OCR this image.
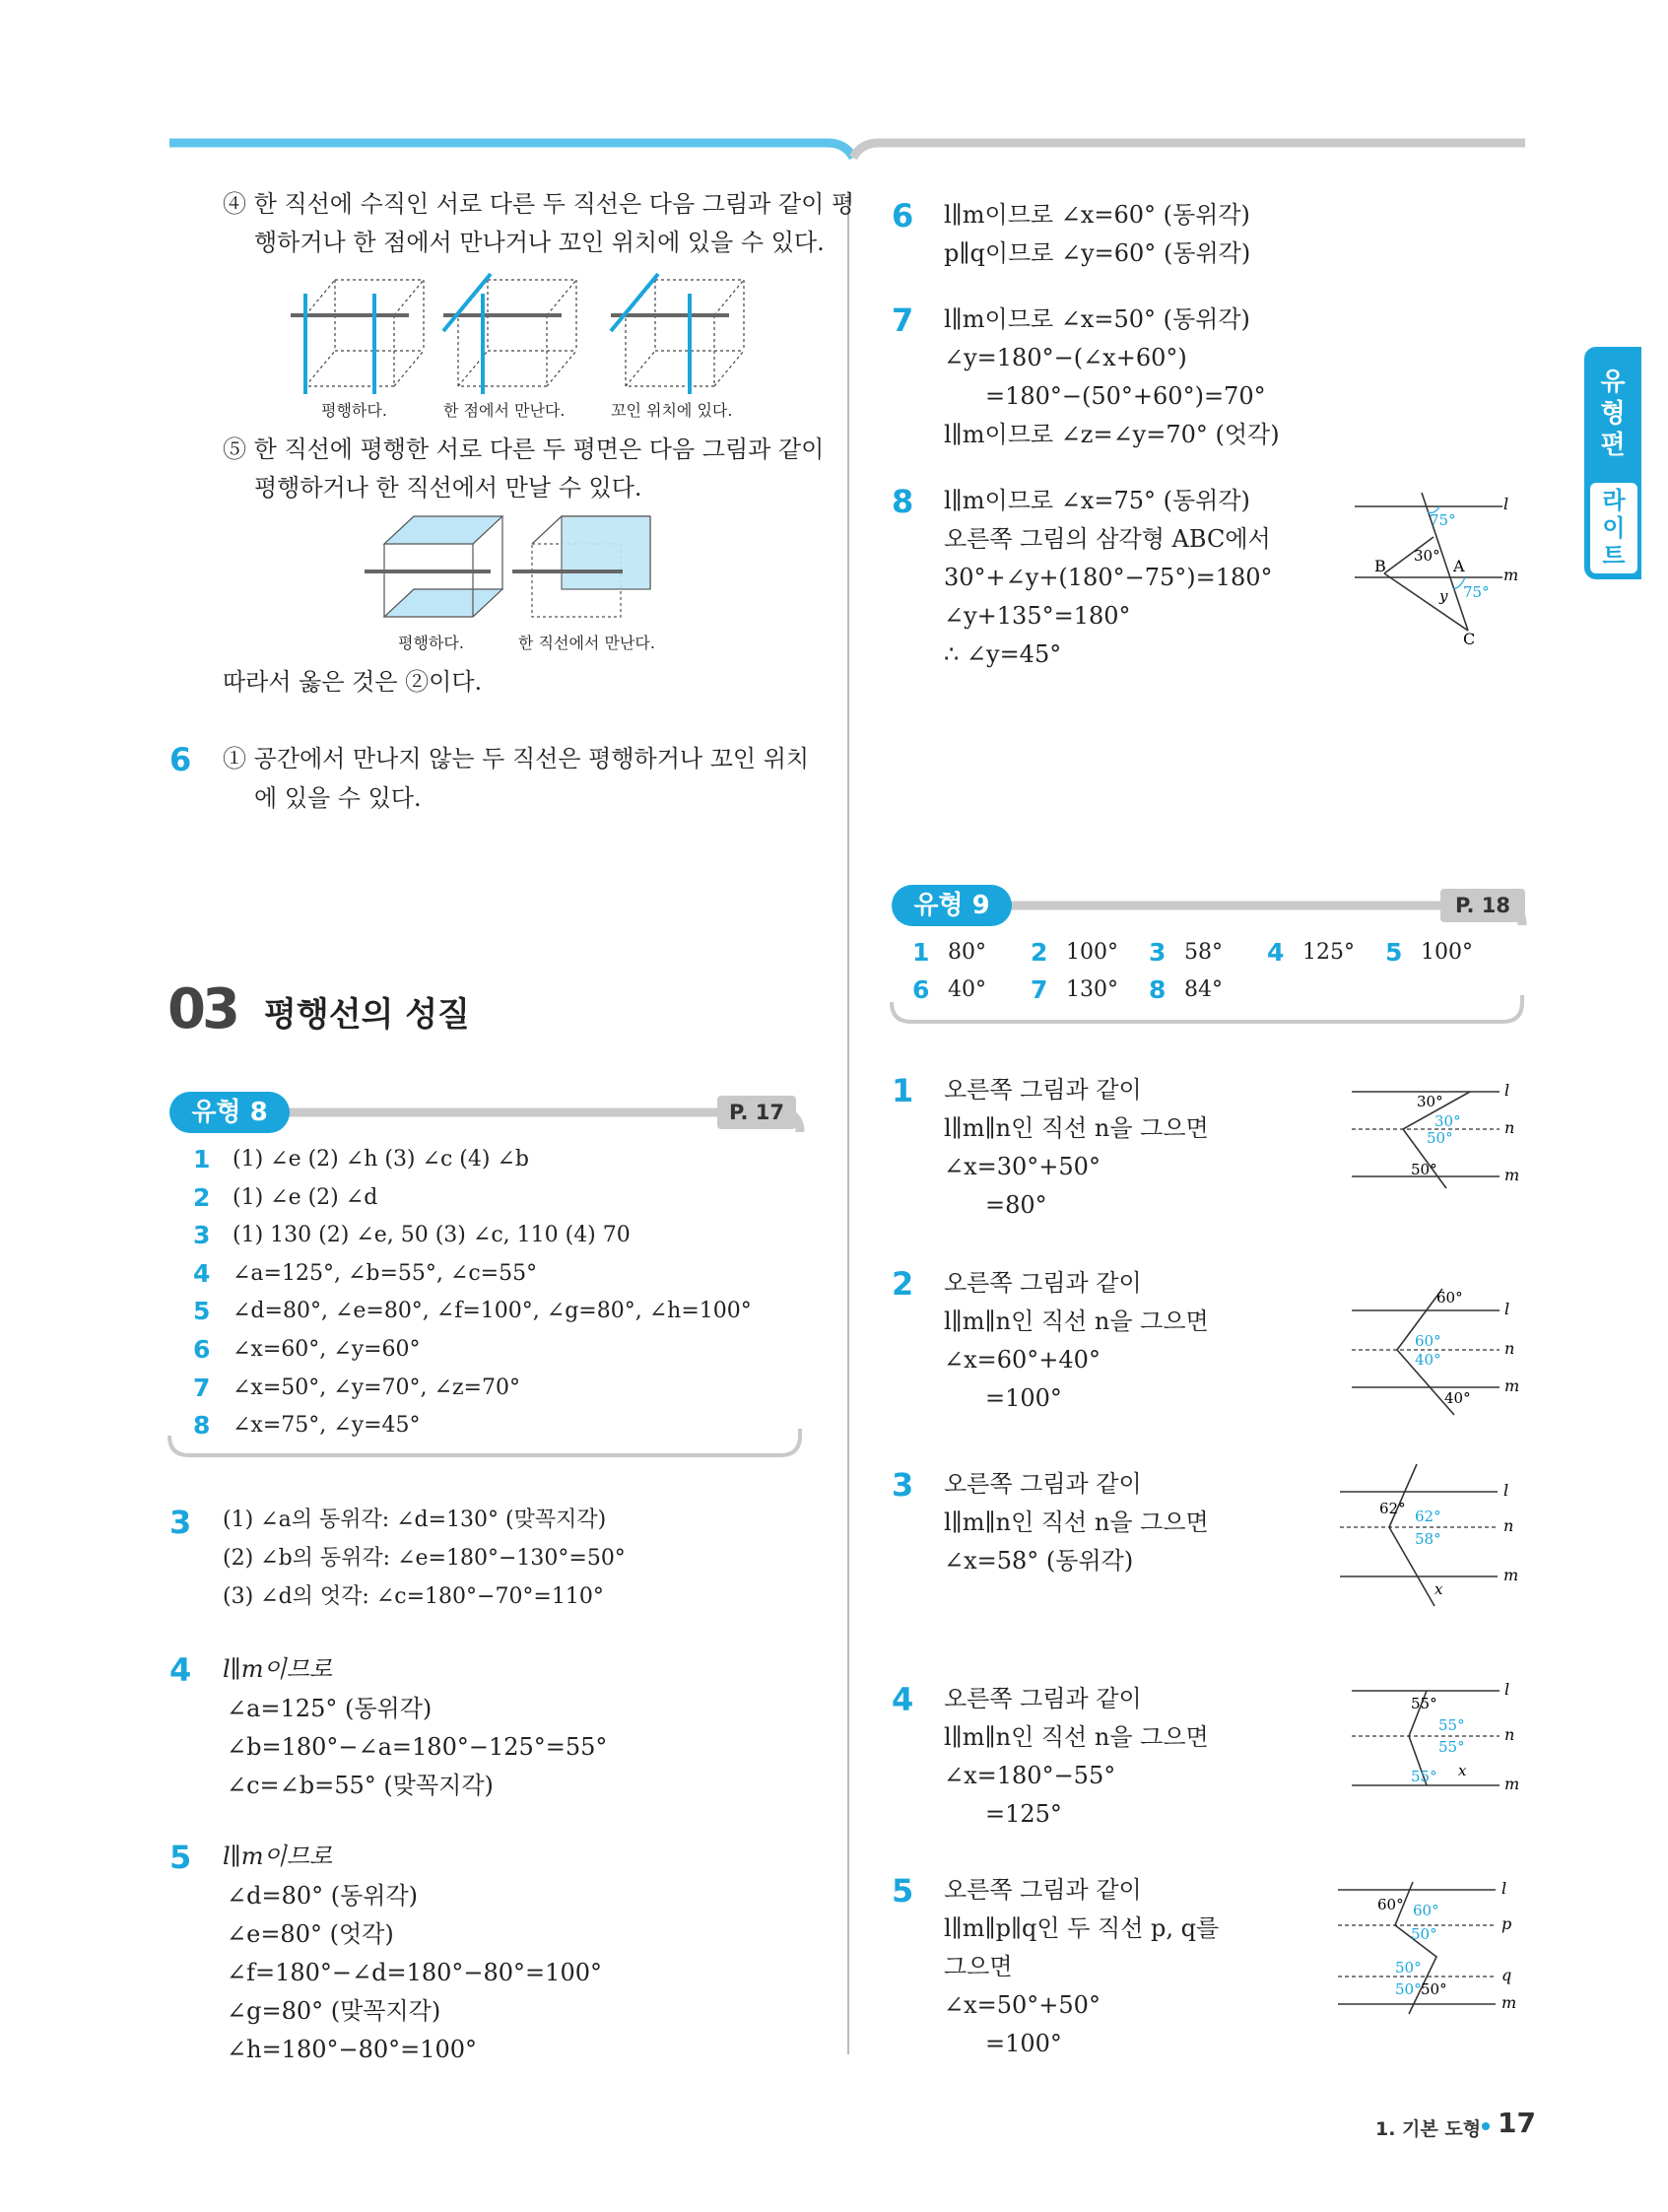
④ 한 직선에 수직인 서로 다른 두 직선은 다음 그림과 같이 평
행하거나 한 점에서 만나거나 꼬인 위치에 있을 수 있다.
평행하다.	한 점에서 만난다.	꼬인 위치에 있다.
⑤ 한 직선에 평행한 서로 다른 두 평면은 다음 그림과 같이
평행하거나 한 직선에서 만날 수 있다.
평행하다.	한 직선에서 만난다.
따라서 옳은 것은 ②이다.
6 ① 공간에서 만나지 않는 두 직선은 평행하거나 꼬인 위치
에 있을 수 있다.
03 평행선의 성질
유형 8	P. 17
1 (1) ∠e (2) ∠h (3) ∠c (4) ∠b
2 (1) ∠e (2) ∠d
3 (1) 130 (2) ∠e, 50 (3) ∠c, 110 (4) 70
4 ∠a=125°, ∠b=55°, ∠c=55°
5 ∠d=80°, ∠e=80°, ∠f=100°, ∠g=80°, ∠h=100°
6 ∠x=60°, ∠y=60°
7 ∠x=50°, ∠y=70°, ∠z=70°
8 ∠x=75°, ∠y=45°
3 (1) ∠a의 동위각: ∠d=130° (맞꼭지각)
(2) ∠b의 동위각: ∠e=180°−130°=50°
(3) ∠d의 엇각: ∠c=180°−70°=110°
4 l∥m이므로
∠a=125° (동위각)
∠b=180°−∠a=180°−125°=55°
∠c=∠b=55° (맞꼭지각)
5 l∥m이므로
∠d=80° (동위각)
∠e=80° (엇각)
∠f=180°−∠d=180°−80°=100°
∠g=80° (맞꼭지각)
∠h=180°−80°=100°
6 l∥m이므로 ∠x=60° (동위각)
p∥q이므로 ∠y=60° (동위각)
7 l∥m이므로 ∠x=50° (동위각)
∠y=180°−(∠x+60°)
=180°−(50°+60°)=70°
l∥m이므로 ∠z=∠y=70° (엇각)
8 l∥m이므로 ∠x=75° (동위각)
오른쪽 그림의 삼각형 ABC에서
30°+∠y+(180°−75°)=180°
∠y+135°=180°
∴ ∠y=45°
l
m
75°
30°
B	A
C
y 75°
유형 9	P. 18
1 80° 2 100° 3 58° 4 125° 5 100°
6 40° 7 130° 8 84°
1 오른쪽 그림과 같이
l∥m∥n인 직선 n을 그으면
∠x=30°+50°
=80°
30°
30°
50°
50°
l
n
m
2 오른쪽 그림과 같이
l∥m∥n인 직선 n을 그으면
∠x=60°+40°
=100°
60°
60°
40°
40°
l
n
m
3 오른쪽 그림과 같이
l∥m∥n인 직선 n을 그으면
∠x=58° (동위각)
62° 62°
58°
x
l
n
m
4 오른쪽 그림과 같이
l∥m∥n인 직선 n을 그으면
∠x=180°−55°
=125°
55°
55°
55°
55° x
l
n
m
5 오른쪽 그림과 같이
l∥m∥p∥q인 두 직선 p, q를
그으면
∠x=50°+50°
=100°
60° 60°
50°
50°
50° 50°
l
p
q
m
유형편
라이트
1. 기본 도형 17
